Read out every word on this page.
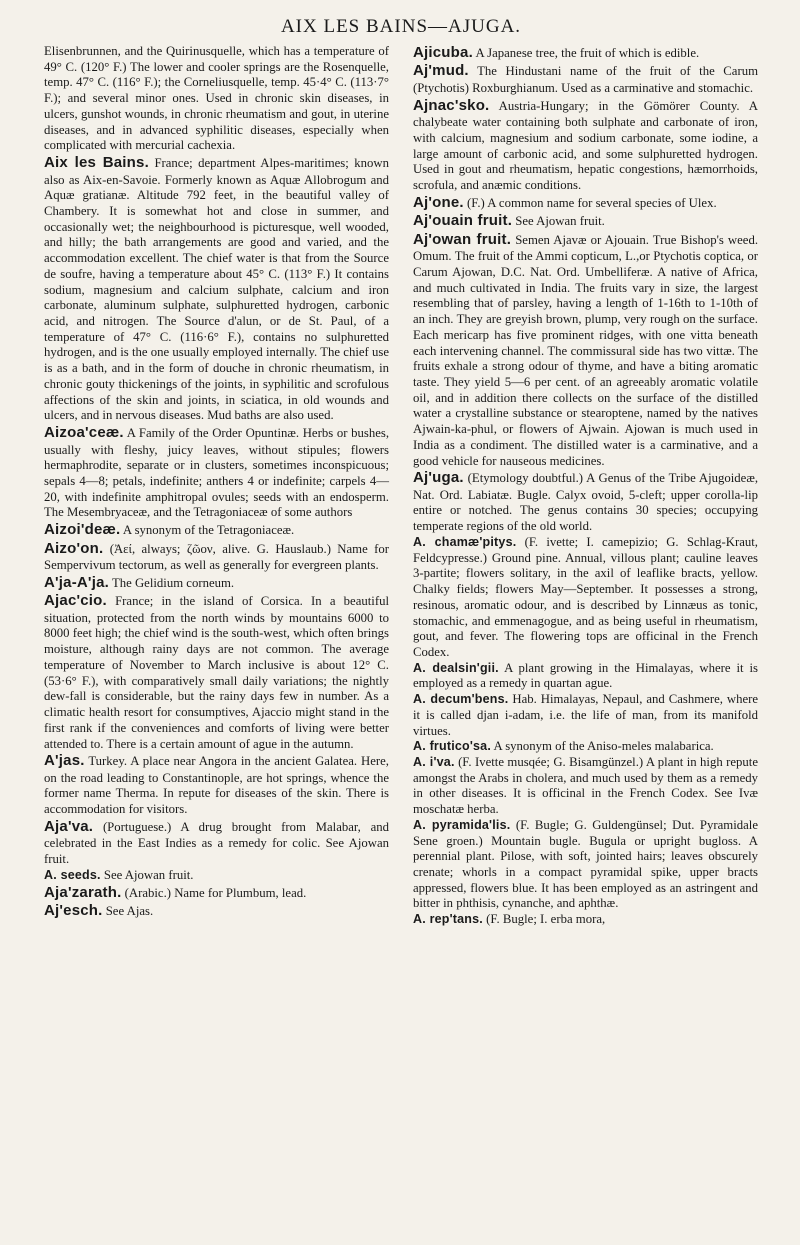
AIX LES BAINS—AJUGA.

Elisenbrunnen, and the Quirinusquelle, which has a temperature of 49° C. (120° F.) The lower and cooler springs are the Rosenquelle, temp. 47° C. (116° F.); the Corneliusquelle, temp. 45·4° C. (113·7° F.); and several minor ones. Used in chronic skin diseases, in ulcers, gunshot wounds, in chronic rheumatism and gout, in uterine diseases, and in advanced syphilitic diseases, especially when complicated with mercurial cachexia.

Aix les Bains. France; department Alpes-maritimes; known also as Aix-en-Savoie. Formerly known as Aquæ Allobrogum and Aquæ gratianæ. Altitude 792 feet, in the beautiful valley of Chambery. It is somewhat hot and close in summer, and occasionally wet; the neighbourhood is picturesque, well wooded, and hilly; the bath arrangements are good and varied, and the accommodation excellent. The chief water is that from the Source de soufre, having a temperature about 45° C. (113° F.) It contains sodium, magnesium and calcium sulphate, calcium and iron carbonate, aluminum sulphate, sulphuretted hydrogen, carbonic acid, and nitrogen. The Source d'alun, or de St. Paul, of a temperature of 47° C. (116·6° F.), contains no sulphuretted hydrogen, and is the one usually employed internally. The chief use is as a bath, and in the form of douche in chronic rheumatism, in chronic gouty thickenings of the joints, in syphilitic and scrofulous affections of the skin and joints, in sciatica, in old wounds and ulcers, and in nervous diseases. Mud baths are also used.

Aizoa'ceæ. A Family of the Order Opuntinæ. Herbs or bushes, usually with fleshy, juicy leaves, without stipules; flowers hermaphrodite, separate or in clusters, sometimes inconspicuous; sepals 4—8; petals, indefinite; anthers 4 or indefinite; carpels 4—20, with indefinite amphitropal ovules; seeds with an endosperm. The Mesembryaceæ, and the Tetragoniaceæ of some authors

Aizoi'deæ. A synonym of the Tetragoniaceæ.

Aizo'on. (Ἀεί, always; ζῶον, alive. G. Hauslaub.) Name for Sempervivum tectorum, as well as generally for evergreen plants.

A'ja-A'ja. The Gelidium corneum.

Ajac'cio. France; in the island of Corsica. In a beautiful situation, protected from the north winds by mountains 6000 to 8000 feet high; the chief wind is the south-west, which often brings moisture, although rainy days are not common. The average temperature of November to March inclusive is about 12° C. (53·6° F.), with comparatively small daily variations; the nightly dew-fall is considerable, but the rainy days few in number. As a climatic health resort for consumptives, Ajaccio might stand in the first rank if the conveniences and comforts of living were better attended to. There is a certain amount of ague in the autumn.

A'jas. Turkey. A place near Angora in the ancient Galatea. Here, on the road leading to Constantinople, are hot springs, whence the former name Therma. In repute for diseases of the skin. There is accommodation for visitors.

Aja'va. (Portuguese.) A drug brought from Malabar, and celebrated in the East Indies as a remedy for colic. See Ajowan fruit.

A. seeds. See Ajowan fruit.

Aja'zarath. (Arabic.) Name for Plumbum, lead.

Aj'esch. See Ajas.

Ajicuba. A Japanese tree, the fruit of which is edible.

Aj'mud. The Hindustani name of the fruit of the Carum (Ptychotis) Roxburghianum. Used as a carminative and stomachic.

Ajnac'sko. Austria-Hungary; in the Gömörer County. A chalybeate water containing both sulphate and carbonate of iron, with calcium, magnesium and sodium carbonate, some iodine, a large amount of carbonic acid, and some sulphuretted hydrogen. Used in gout and rheumatism, hepatic congestions, hæmorrhoids, scrofula, and anæmic conditions.

Aj'one. (F.) A common name for several species of Ulex.

Aj'ouain fruit. See Ajowan fruit.

Aj'owan fruit. Semen Ajavæ or Ajouain. True Bishop's weed. Omum. The fruit of the Ammi copticum, L.,or Ptychotis coptica, or Carum Ajowan, D.C. Nat. Ord. Umbelliferæ. A native of Africa, and much cultivated in India. The fruits vary in size, the largest resembling that of parsley, having a length of 1-16th to 1-10th of an inch. They are greyish brown, plump, very rough on the surface. Each mericarp has five prominent ridges, with one vitta beneath each intervening channel. The commissural side has two vittæ. The fruits exhale a strong odour of thyme, and have a biting aromatic taste. They yield 5—6 per cent. of an agreeably aromatic volatile oil, and in addition there collects on the surface of the distilled water a crystalline substance or stearoptene, named by the natives Ajwain-ka-phul, or flowers of Ajwain. Ajowan is much used in India as a condiment. The distilled water is a carminative, and a good vehicle for nauseous medicines.

Aj'uga. (Etymology doubtful.) A Genus of the Tribe Ajugoideæ, Nat. Ord. Labiatæ. Bugle. Calyx ovoid, 5-cleft; upper corolla-lip entire or notched. The genus contains 30 species; occupying temperate regions of the old world.

A. chamæ'pitys. (F. ivette; I. camepizio; G. Schlag-Kraut, Feldcypresse.) Ground pine. Annual, villous plant; cauline leaves 3-partite; flowers solitary, in the axil of leaflike bracts, yellow. Chalky fields; flowers May—September. It possesses a strong, resinous, aromatic odour, and is described by Linnæus as tonic, stomachic, and emmenagogue, and as being useful in rheumatism, gout, and fever. The flowering tops are officinal in the French Codex.

A. dealsin'gii. A plant growing in the Himalayas, where it is employed as a remedy in quartan ague.

A. decum'bens. Hab. Himalayas, Nepaul, and Cashmere, where it is called djan i-adam, i.e. the life of man, from its manifold virtues.

A. frutico'sa. A synonym of the Aniso-meles malabarica.

A. i'va. (F. Ivette musqée; G. Bisamgünzel.) A plant in high repute amongst the Arabs in cholera, and much used by them as a remedy in other diseases. It is officinal in the French Codex. See Ivæ moschatæ herba.

A. pyramida'lis. (F. Bugle; G. Guldengünsel; Dut. Pyramidale Sene groen.) Mountain bugle. Bugula or upright bugloss. A perennial plant. Pilose, with soft, jointed hairs; leaves obscurely crenate; whorls in a compact pyramidal spike, upper bracts appressed, flowers blue. It has been employed as an astringent and bitter in phthisis, cynanche, and aphthæ.

A. rep'tans. (F. Bugle; I. erba mora,
